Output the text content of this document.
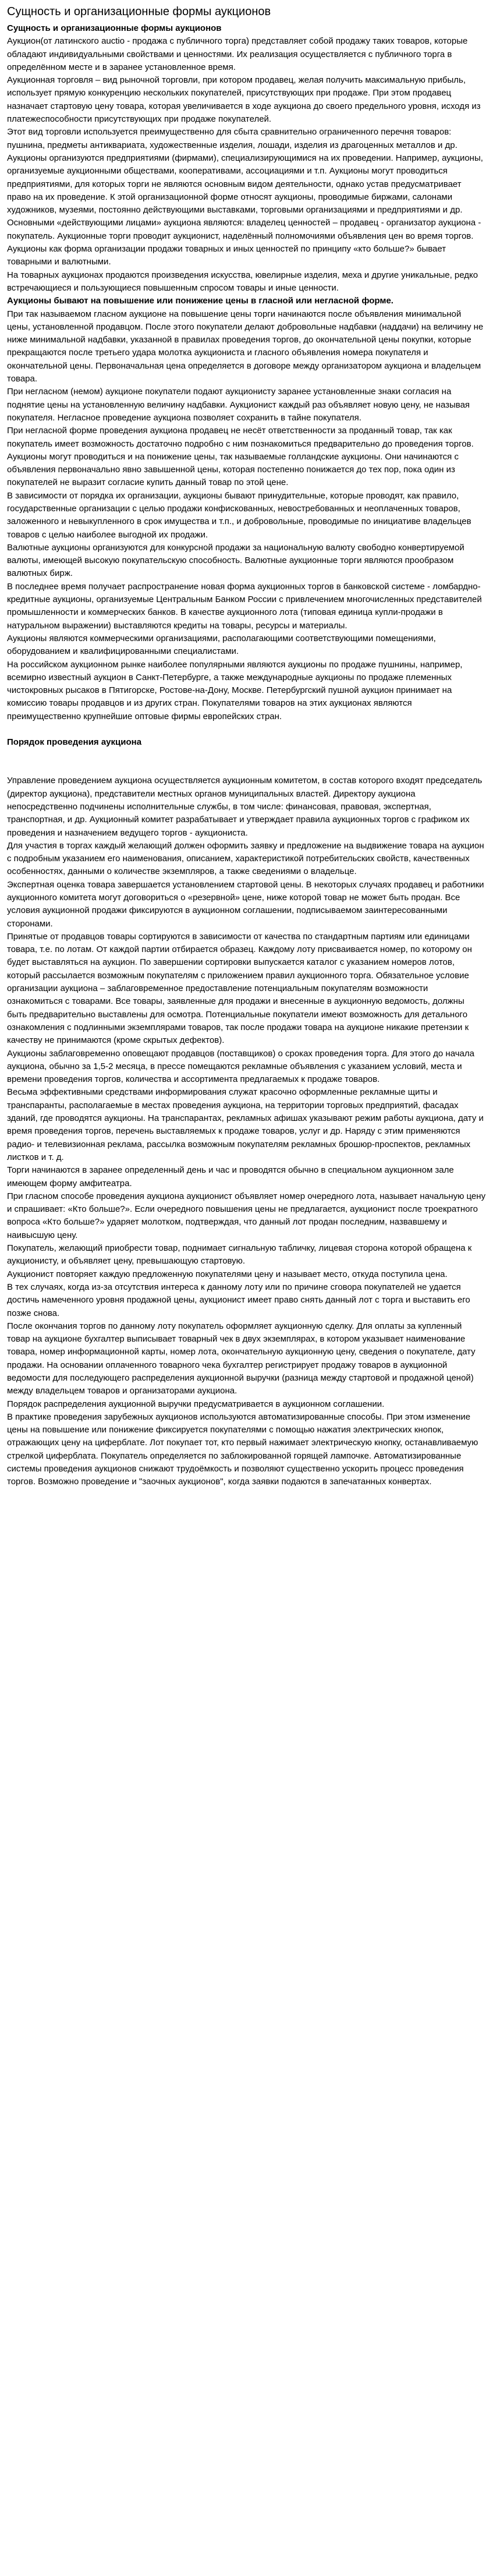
Сущность и организационные формы аукционов

Сущность и организационные формы аукционов

Аукцион(от латинского auctio - продажа с публичного торга) представляет собой продажу таких товаров, которые обладают индивидуальными свойствами и ценностями. Их реализация осуществляется с публичного торга в определённом месте и в заранее установленное время.

Аукционная торговля – вид рыночной торговли, при котором продавец, желая получить максимальную прибыль, использует прямую конкуренцию нескольких покупателей, присутствующих при продаже. При этом продавец назначает стартовую цену товара, которая увеличивается в ходе аукциона до своего предельного уровня, исходя из платежеспособности присутствующих при продаже покупателей.

Этот вид торговли используется преимущественно для сбыта сравнительно ограниченного перечня товаров: пушнина, предметы антиквариата, художественные изделия, лошади, изделия из драгоценных металлов и др.

Аукционы организуются предприятиями (фирмами), специализирующимися на их проведении. Например, аукционы, организуемые аукционными обществами, кооперативами, ассоциациями и т.п. Аукционы могут проводиться предприятиями, для которых торги не являются основным видом деятельности, однако устав предусматривает право на их проведение. К этой организационной форме относят аукционы, проводимые биржами, салонами художников, музеями, постоянно действующими выставками, торговыми организациями и предприятиями и др.

Основными «действующими лицами» аукциона являются: владелец ценностей – продавец - организатор аукциона - покупатель. Аукционные торги проводит аукционист, наделённый полномочиями объявления цен во время торгов.

Аукционы как форма организации продажи товарных и иных ценностей по принципу «кто больше?» бывает товарными и валютными.

На товарных аукционах продаются произведения искусства, ювелирные изделия, меха и другие уникальные, редко встречающиеся и пользующиеся повышенным спросом товары и иные ценности.

Аукционы бывают на повышение или понижение цены в гласной или негласной форме.

При так называемом гласном аукционе на повышение цены торги начинаются после объявления минимальной цены, установленной продавцом. После этого покупатели делают добровольные надбавки (наддачи) на величину не ниже минимальной надбавки, указанной в правилах проведения торгов, до окончательной цены покупки, которые прекращаются после третьего удара молотка аукциониста и гласного объявления номера покупателя и окончательной цены. Первоначальная цена определяется в договоре между организатором аукциона и владельцем товара.

При негласном (немом) аукционе покупатели подают аукционисту заранее установленные знаки согласия на поднятие цены на установленную величину надбавки. Аукционист каждый раз объявляет новую цену, не называя покупателя. Негласное проведение аукциона позволяет сохранить в тайне покупателя.

При негласной форме проведения аукциона продавец не несёт ответственности за проданный товар, так как покупатель имеет возможность достаточно подробно с ним познакомиться предварительно до проведения торгов.

Аукционы могут проводиться и на понижение цены, так называемые голландские аукционы. Они начинаются с объявления первоначально явно завышенной цены, которая постепенно понижается до тех пор, пока один из покупателей не выразит согласие купить данный товар по этой цене.

В зависимости от порядка их организации, аукционы бывают принудительные, которые проводят, как правило, государственные организации с целью продажи конфискованных, невостребованных и неоплаченных товаров, заложенного и невыкупленного в срок имущества и т.п., и добровольные, проводимые по инициативе владельцев товаров с целью наиболее выгодной их продажи.

Валютные аукционы организуются для конкурсной продажи за национальную валюту свободно конвертируемой валюты, имеющей высокую покупательскую способность. Валютные аукционные торги являются прообразом валютных бирж.

В последнее время получает распространение новая форма аукционных торгов в банковской системе - ломбардно-кредитные аукционы, организуемые Центральным Банком России с привлечением многочисленных представителей промышленности и коммерческих банков. В качестве аукционного лота (типовая единица купли-продажи в натуральном выражении) выставляются кредиты на товары, ресурсы и материалы.

Аукционы являются коммерческими организациями, располагающими соответствующими помещениями, оборудованием и квалифицированными специалистами.

На российском аукционном рынке наиболее популярными являются аукционы по продаже пушнины, например, всемирно известный аукцион в Санкт-Петербурге, а также международные аукционы по продаже племенных чистокровных рысаков в Пятигорске, Ростове-на-Дону, Москве. Петербургский пушной аукцион принимает на комиссию товары продавцов и из других стран. Покупателями товаров на этих аукционах являются преимущественно крупнейшие оптовые фирмы европейских стран.

Порядок проведения аукциона

Управление проведением аукциона осуществляется аукционным комитетом, в состав которого входят председатель (директор аукциона), представители местных органов муниципальных властей. Директору аукциона непосредственно подчинены исполнительные службы, в том числе: финансовая, правовая, экспертная, транспортная, и др. Аукционный комитет разрабатывает и утверждает правила аукционных торгов с графиком их проведения и назначением ведущего торгов - аукциониста.

Для участия в торгах каждый желающий должен оформить заявку и предложение на выдвижение товара на аукцион с подробным указанием его наименования, описанием, характеристикой потребительских свойств, качественных особенностях, данными о количестве экземпляров, а также сведениями о владельце.

Экспертная оценка товара завершается установлением стартовой цены. В некоторых случаях продавец и работники аукционного комитета могут договориться о «резервной» цене, ниже которой товар не может быть продан. Все условия аукционной продажи фиксируются в аукционном соглашении, подписываемом заинтересованными сторонами.

Принятые от продавцов товары сортируются в зависимости от качества по стандартным партиям или единицами товара, т.е. по лотам. От каждой партии отбирается образец. Каждому лоту присваивается номер, по которому он будет выставляться на аукцион. По завершении сортировки выпускается каталог с указанием номеров лотов, который рассылается возможным покупателям с приложением правил аукционного торга. Обязательное условие организации аукциона – заблаговременное предоставление потенциальным покупателям возможности ознакомиться с товарами. Все товары, заявленные для продажи и внесенные в аукционную ведомость, должны быть предварительно выставлены для осмотра. Потенциальные покупатели имеют возможность для детального ознакомления с подлинными экземплярами товаров, так после продажи товара на аукционе никакие претензии к качеству не принимаются (кроме скрытых дефектов).

Аукционы заблаговременно оповещают продавцов (поставщиков) о сроках проведения торга. Для этого до начала аукциона, обычно за 1,5-2 месяца, в прессе помещаются рекламные объявления с указанием условий, места и времени проведения торгов, количества и ассортимента предлагаемых к продаже товаров.

Весьма эффективными средствами информирования служат красочно оформленные рекламные щиты и транспаранты, располагаемые в местах проведения аукциона, на территории торговых предприятий, фасадах зданий, где проводятся аукционы. На транспарантах, рекламных афишах указывают режим работы аукциона, дату и время проведения торгов, перечень выставляемых к продаже товаров, услуг и др. Наряду с этим применяются радио- и телевизионная реклама, рассылка возможным покупателям рекламных брошюр-проспектов, рекламных листков и т. д.

Торги начинаются в заранее определенный день и час и проводятся обычно в специальном аукционном зале имеющем форму амфитеатра.

При гласном способе проведения аукциона аукционист объявляет номер очередного лота, называет начальную цену и спрашивает: «Кто больше?». Если очередного повышения цены не предлагается, аукционист после троекратного вопроса «Кто больше?» ударяет молотком, подтверждая, что данный лот продан последним, назвавшему и наивысшую цену.

Покупатель, желающий приобрести товар, поднимает сигнальную табличку, лицевая сторона которой обращена к аукционисту, и объявляет цену, превышающую стартовую.

Аукционист повторяет каждую предложенную покупателями цену и называет место, откуда поступила цена.

В тех случаях, когда из-за отсутствия интереса к данному лоту или по причине сговора покупателей не удается достичь намеченного уровня продажной цены, аукционист имеет право снять данный лот с торга и выставить его позже снова.

После окончания торгов по данному лоту покупатель оформляет аукционную сделку. Для оплаты за купленный товар на аукционе бухгалтер выписывает товарный чек в двух экземплярах, в котором указывает наименование товара, номер информационной карты, номер лота, окончательную аукционную цену, сведения о покупателе, дату продажи. На основании оплаченного товарного чека бухгалтер регистрирует продажу товаров в аукционной ведомости для последующего распределения аукционной выручки (разница между стартовой и продажной ценой) между владельцем товаров и организаторами аукциона.

Порядок распределения аукционной выручки предусматривается в аукционном соглашении.

В практике проведения зарубежных аукционов используются автоматизированные способы. При этом изменение цены на повышение или понижение фиксируется покупателями с помощью нажатия электрических кнопок, отражающих цену на циферблате. Лот покупает тот, кто первый нажимает электрическую кнопку, останавливаемую стрелкой циферблата. Покупатель определяется по заблокированной горящей лампочке. Автоматизированные системы проведения аукционов снижают трудоёмкость и позволяют существенно ускорить процесс проведения торгов. Возможно проведение и "заочных аукционов", когда заявки подаются в запечатанных конвертах.
